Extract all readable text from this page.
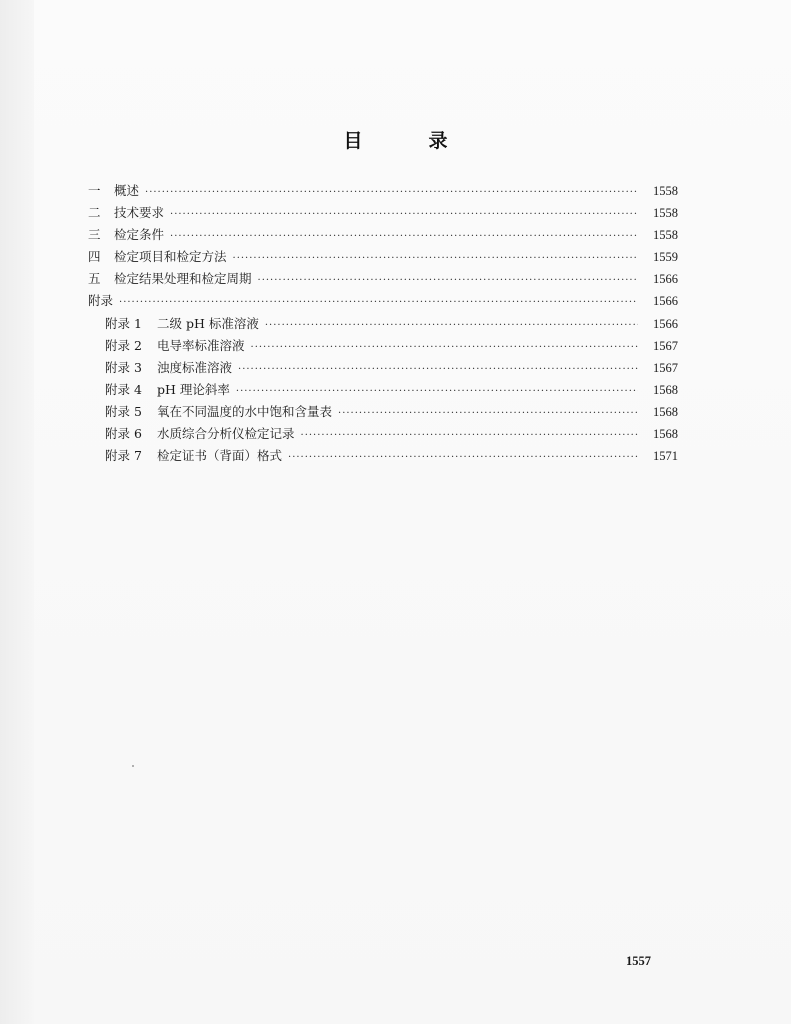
目录
一	概述 ·····	1558
二	技术要求 ·····	1558
三	检定条件 ·····	1558
四	检定项目和检定方法 ·····	1559
五	检定结果处理和检定周期 ·····	1566
附录 ·····	1566
附录 1	二级 pH 标准溶液 ·····	1566
附录 2	电导率标准溶液 ·····	1567
附录 3	浊度标准溶液 ·····	1567
附录 4	pH 理论斜率 ·····	1568
附录 5	氧在不同温度的水中饱和含量表 ·····	1568
附录 6	水质综合分析仪检定记录 ·····	1568
附录 7	检定证书（背面）格式 ·····	1571
1557
